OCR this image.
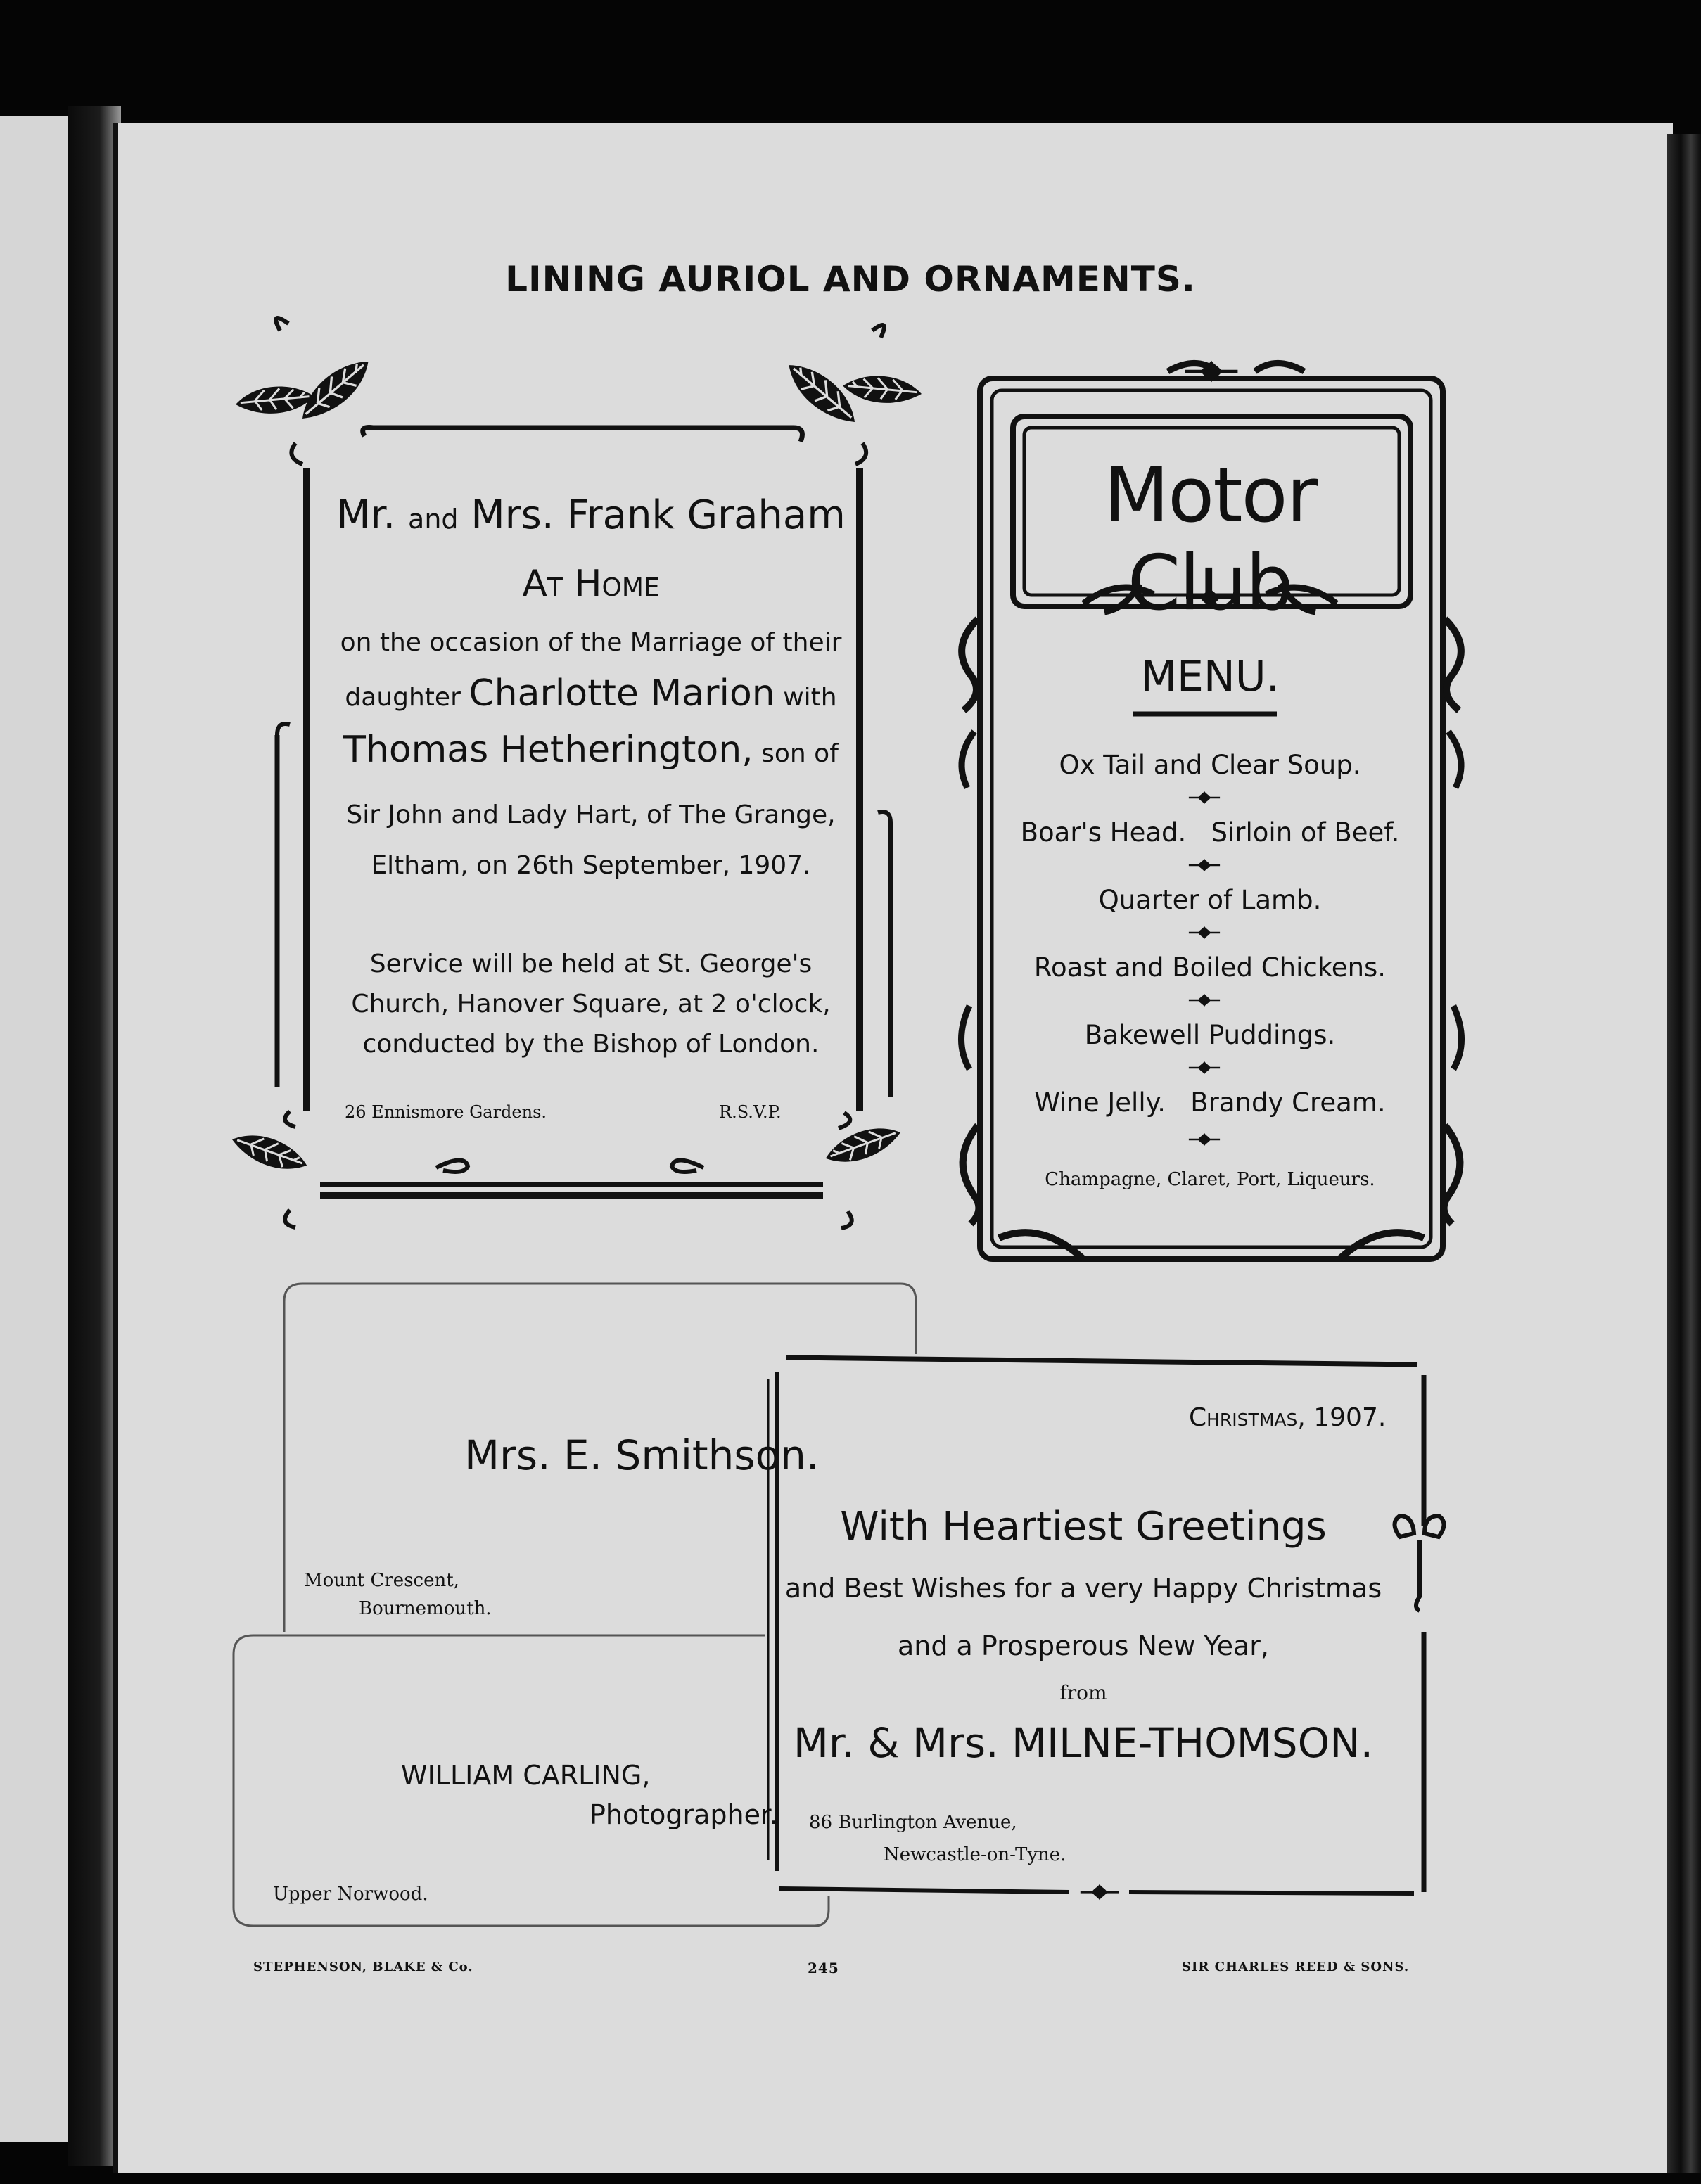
LINING AURIOL AND ORNAMENTS.
Mr. and Mrs. Frank Graham
At Home
on the occasion of the Marriage of their
daughter Charlotte Marion with
Thomas Hetherington, son of
Sir John and Lady Hart, of The Grange,
Eltham, on 26th September, 1907.
Service will be held at St. George's
Church, Hanover Square, at 2 o'clock,
conducted by the Bishop of London.
26 Ennismore Gardens.	R.S.V.P.
Motor Club
MENU.
Ox Tail and Clear Soup.
Boar's Head.   Sirloin of Beef.
Quarter of Lamb.
Roast and Boiled Chickens.
Bakewell Puddings.
Wine Jelly.   Brandy Cream.
Champagne, Claret, Port, Liqueurs.
Mrs. E. Smithson.
Mount Crescent,
Bournemouth.
WILLIAM CARLING,
Photographer.
Upper Norwood.
Christmas, 1907.
With Heartiest Greetings
and Best Wishes for a very Happy Christmas
and a Prosperous New Year,
from
Mr. & Mrs. MILNE-THOMSON.
86 Burlington Avenue,
Newcastle-on-Tyne.
STEPHENSON, BLAKE & Co.	245	SIR CHARLES REED & SONS.
